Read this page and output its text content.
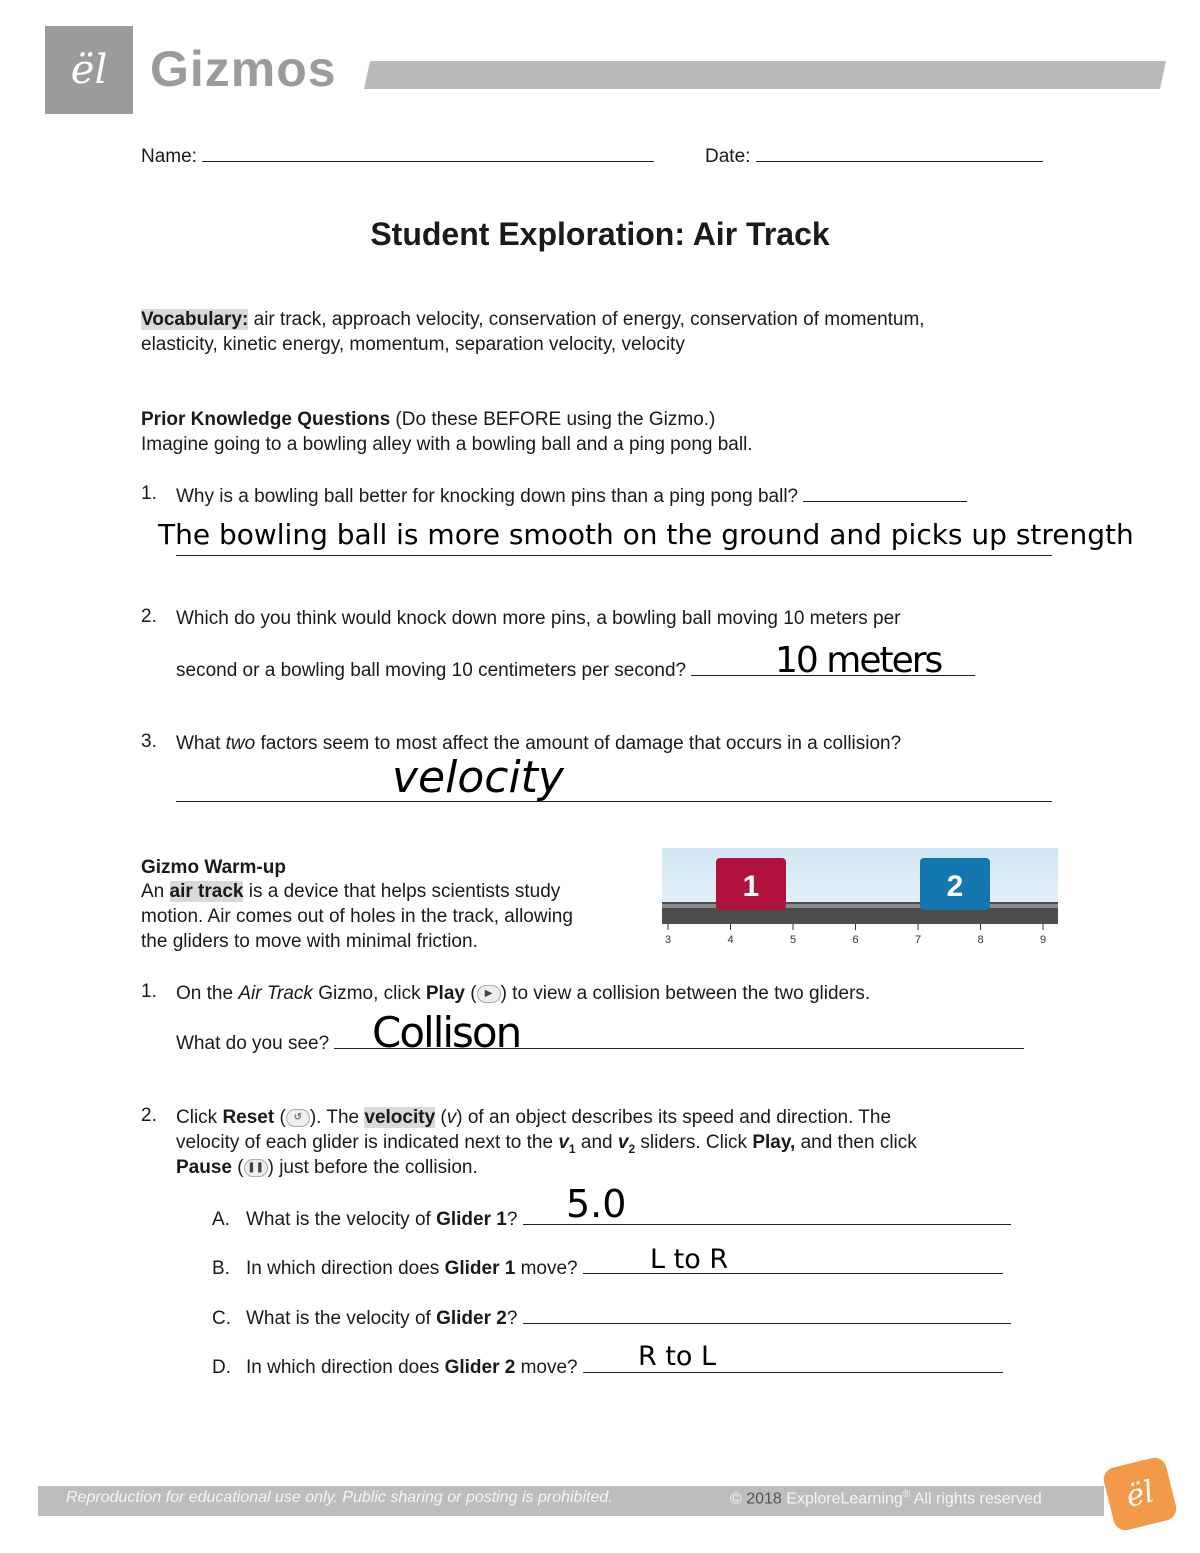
ël Gizmos
Name:	Date:
Student Exploration: Air Track
Vocabulary: air track, approach velocity, conservation of energy, conservation of momentum,
elasticity, kinetic energy, momentum, separation velocity, velocity
Prior Knowledge Questions (Do these BEFORE using the Gizmo.)
Imagine going to a bowling alley with a bowling ball and a ping pong ball.
1. Why is a bowling ball better for knocking down pins than a ping pong ball?
The bowling ball is more smooth on the ground and picks up strength
2. Which do you think would knock down more pins, a bowling ball moving 10 meters per
second or a bowling ball moving 10 centimeters per second?	10 meters
3. What two factors seem to most affect the amount of damage that occurs in a collision?
velocity
Gizmo Warm-up
An air track is a device that helps scientists study
motion. Air comes out of holes in the track, allowing
the gliders to move with minimal friction.
1	2
3	4	5	6	7	8	9
1. On the Air Track Gizmo, click Play ( ▶ ) to view a collision between the two gliders.
What do you see?	Collison
2. Click Reset ( ↺ ). The velocity (v) of an object describes its speed and direction. The
velocity of each glider is indicated next to the $v_1$ and $v_2$ sliders. Click Play, and then click
Pause ( ❚❚ ) just before the collision.
A. What is the velocity of Glider 1?	5.0
B. In which direction does Glider 1 move?	L to R
C. What is the velocity of Glider 2?
D. In which direction does Glider 2 move?	R to L
Reproduction for educational use only. Public sharing or posting is prohibited.	© 2018 ExploreLearning® All rights reserved	ël
